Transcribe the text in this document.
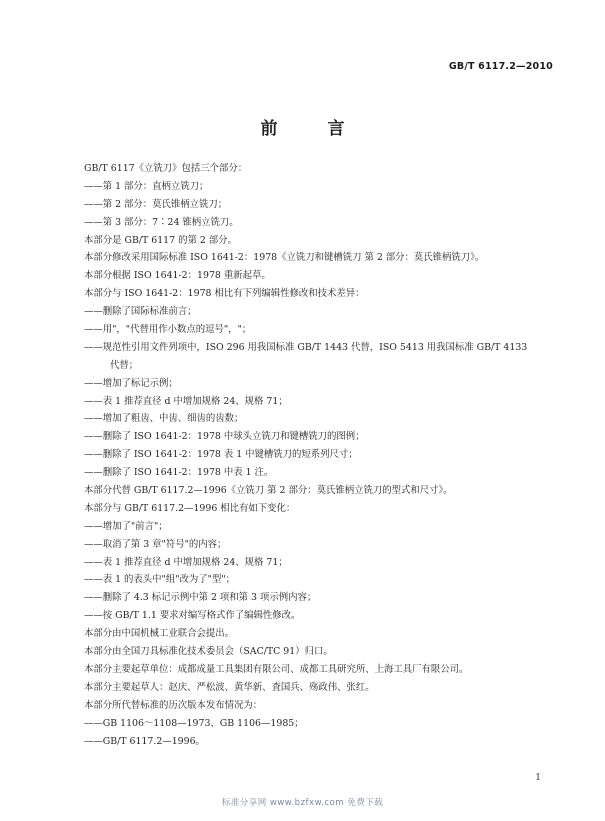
GB/T 6117.2—2010
前 言
GB/T 6117《立铣刀》包括三个部分：
——第 1 部分：直柄立铣刀；
——第 2 部分：莫氏锥柄立铣刀；
——第 3 部分：7∶24 锥柄立铣刀。
本部分是 GB/T 6117 的第 2 部分。
本部分修改采用国际标准 ISO 1641-2：1978《立铣刀和键槽铣刀 第 2 部分：莫氏锥柄铣刀》。
本部分根据 ISO 1641-2：1978 重新起草。
本部分与 ISO 1641-2：1978 相比有下列编辑性修改和技术差异：
——删除了国际标准前言；
——用"，"代替用作小数点的逗号"，"；
——规范性引用文件列项中，ISO 296 用我国标准 GB/T 1443 代替，ISO 5413 用我国标准 GB/T 4133
代替；
——增加了标记示例；
——表 1 推荐直径 d 中增加规格 24、规格 71；
——增加了粗齿、中齿、细齿的齿数；
——删除了 ISO 1641-2：1978 中球头立铣刀和键槽铣刀的图例；
——删除了 ISO 1641-2：1978 表 1 中键槽铣刀的短系列尺寸；
——删除了 ISO 1641-2：1978 中表 1 注。
本部分代替 GB/T 6117.2—1996《立铣刀 第 2 部分：莫氏锥柄立铣刀的型式和尺寸》。
本部分与 GB/T 6117.2—1996 相比有如下变化：
——增加了"前言"；
——取消了第 3 章"符号"的内容；
——表 1 推荐直径 d 中增加规格 24、规格 71；
——表 1 的表头中"组"改为了"型"；
——删除了 4.3 标记示例中第 2 项和第 3 项示例内容；
——按 GB/T 1.1 要求对编写格式作了编辑性修改。
本部分由中国机械工业联合会提出。
本部分由全国刀具标准化技术委员会（SAC/TC 91）归口。
本部分主要起草单位：成都成量工具集团有限公司、成都工具研究所、上海工具厂有限公司。
本部分主要起草人：赵庆、严松波、黄华新、査国兵、殇政伟、张红。
本部分所代替标准的历次版本发布情况为：
——GB 1106～1108—1973、GB 1106—1985；
——GB/T 6117.2—1996。
1
标准分享网 www.bzfxw.com 免费下载
